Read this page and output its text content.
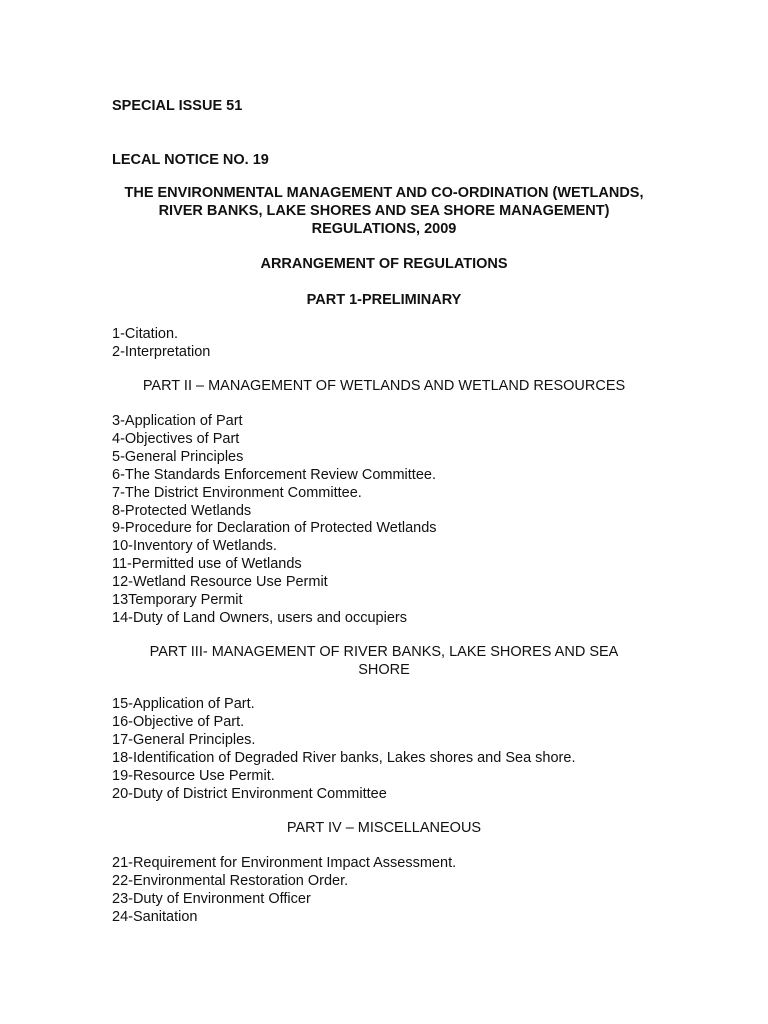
SPECIAL ISSUE 51
LECAL NOTICE NO. 19
THE ENVIRONMENTAL MANAGEMENT AND CO-ORDINATION (WETLANDS,
RIVER BANKS, LAKE SHORES AND SEA SHORE MANAGEMENT)
REGULATIONS, 2009
ARRANGEMENT OF REGULATIONS
PART 1-PRELIMINARY
1-Citation.
2-Interpretation
PART II – MANAGEMENT OF WETLANDS AND WETLAND RESOURCES
3-Application of Part
4-Objectives of Part
5-General Principles
6-The Standards Enforcement Review Committee.
7-The District Environment Committee.
8-Protected Wetlands
9-Procedure for Declaration of Protected Wetlands
10-Inventory of Wetlands.
11-Permitted use of Wetlands
12-Wetland Resource Use Permit
13Temporary Permit
14-Duty of Land Owners, users and occupiers
PART III- MANAGEMENT OF RIVER BANKS, LAKE SHORES AND SEA
SHORE
15-Application of Part.
16-Objective of Part.
17-General Principles.
18-Identification of Degraded River banks, Lakes shores and Sea shore.
19-Resource Use Permit.
20-Duty of District Environment Committee
PART IV – MISCELLANEOUS
21-Requirement for Environment Impact Assessment.
22-Environmental Restoration Order.
23-Duty of Environment Officer
24-Sanitation
